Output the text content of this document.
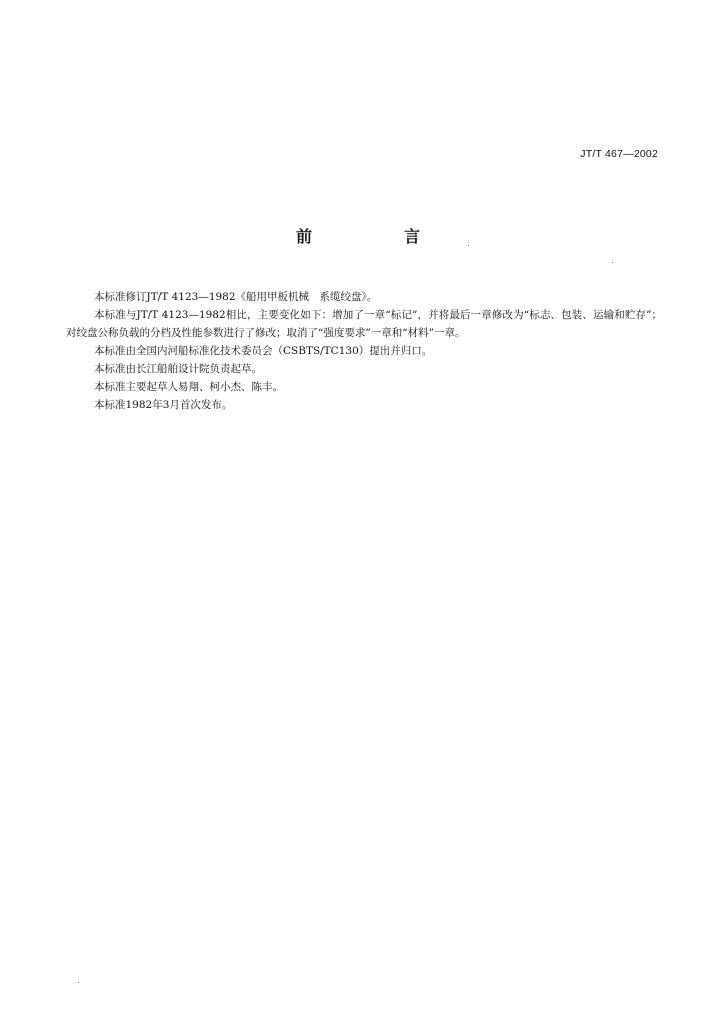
JT/T 467—2002
前　言

本标准修订JT/T 4123—1982《船用甲板机械　系缆绞盘》。

本标准与JT/T 4123—1982相比，主要变化如下：增加了一章“标记”，并将最后一章修改为“标志、包装、运输和贮存”；对绞盘公称负载的分档及性能参数进行了修改；取消了“强度要求”一章和“材料”一章。

本标准由全国内河船标准化技术委员会（CSBTS/TC130）提出并归口。

本标准由长江船舶设计院负责起草。

本标准主要起草人易翔、柯小杰、陈丰。

本标准1982年3月首次发布。
